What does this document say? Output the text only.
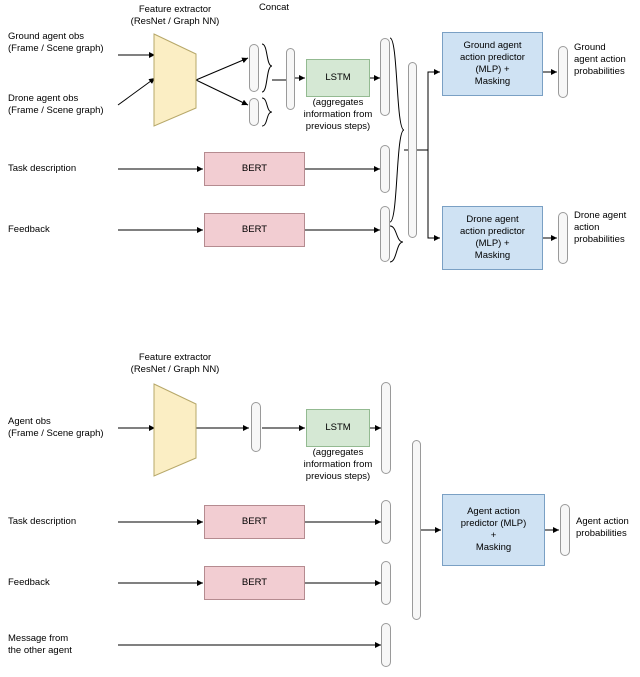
Ground agent obs
(Frame / Scene graph)
Drone agent obs
(Frame / Scene graph)
Task description
Feedback
Feature extractor
(ResNet / Graph NN)
Concat
LSTM
(aggregates
information from
previous steps)
BERT
BERT
Ground agent
action predictor
(MLP) +
Masking
Drone agent
action predictor
(MLP) +
Masking
Ground
agent action
probabilities
Drone agent
action
probabilities
Agent obs
(Frame / Scene graph)
Task description
Feedback
Message from
the other agent
Feature extractor
(ResNet / Graph NN)
LSTM
(aggregates
information from
previous steps)
BERT
BERT
Agent action
predictor (MLP)
+
Masking
Agent action
probabilities
